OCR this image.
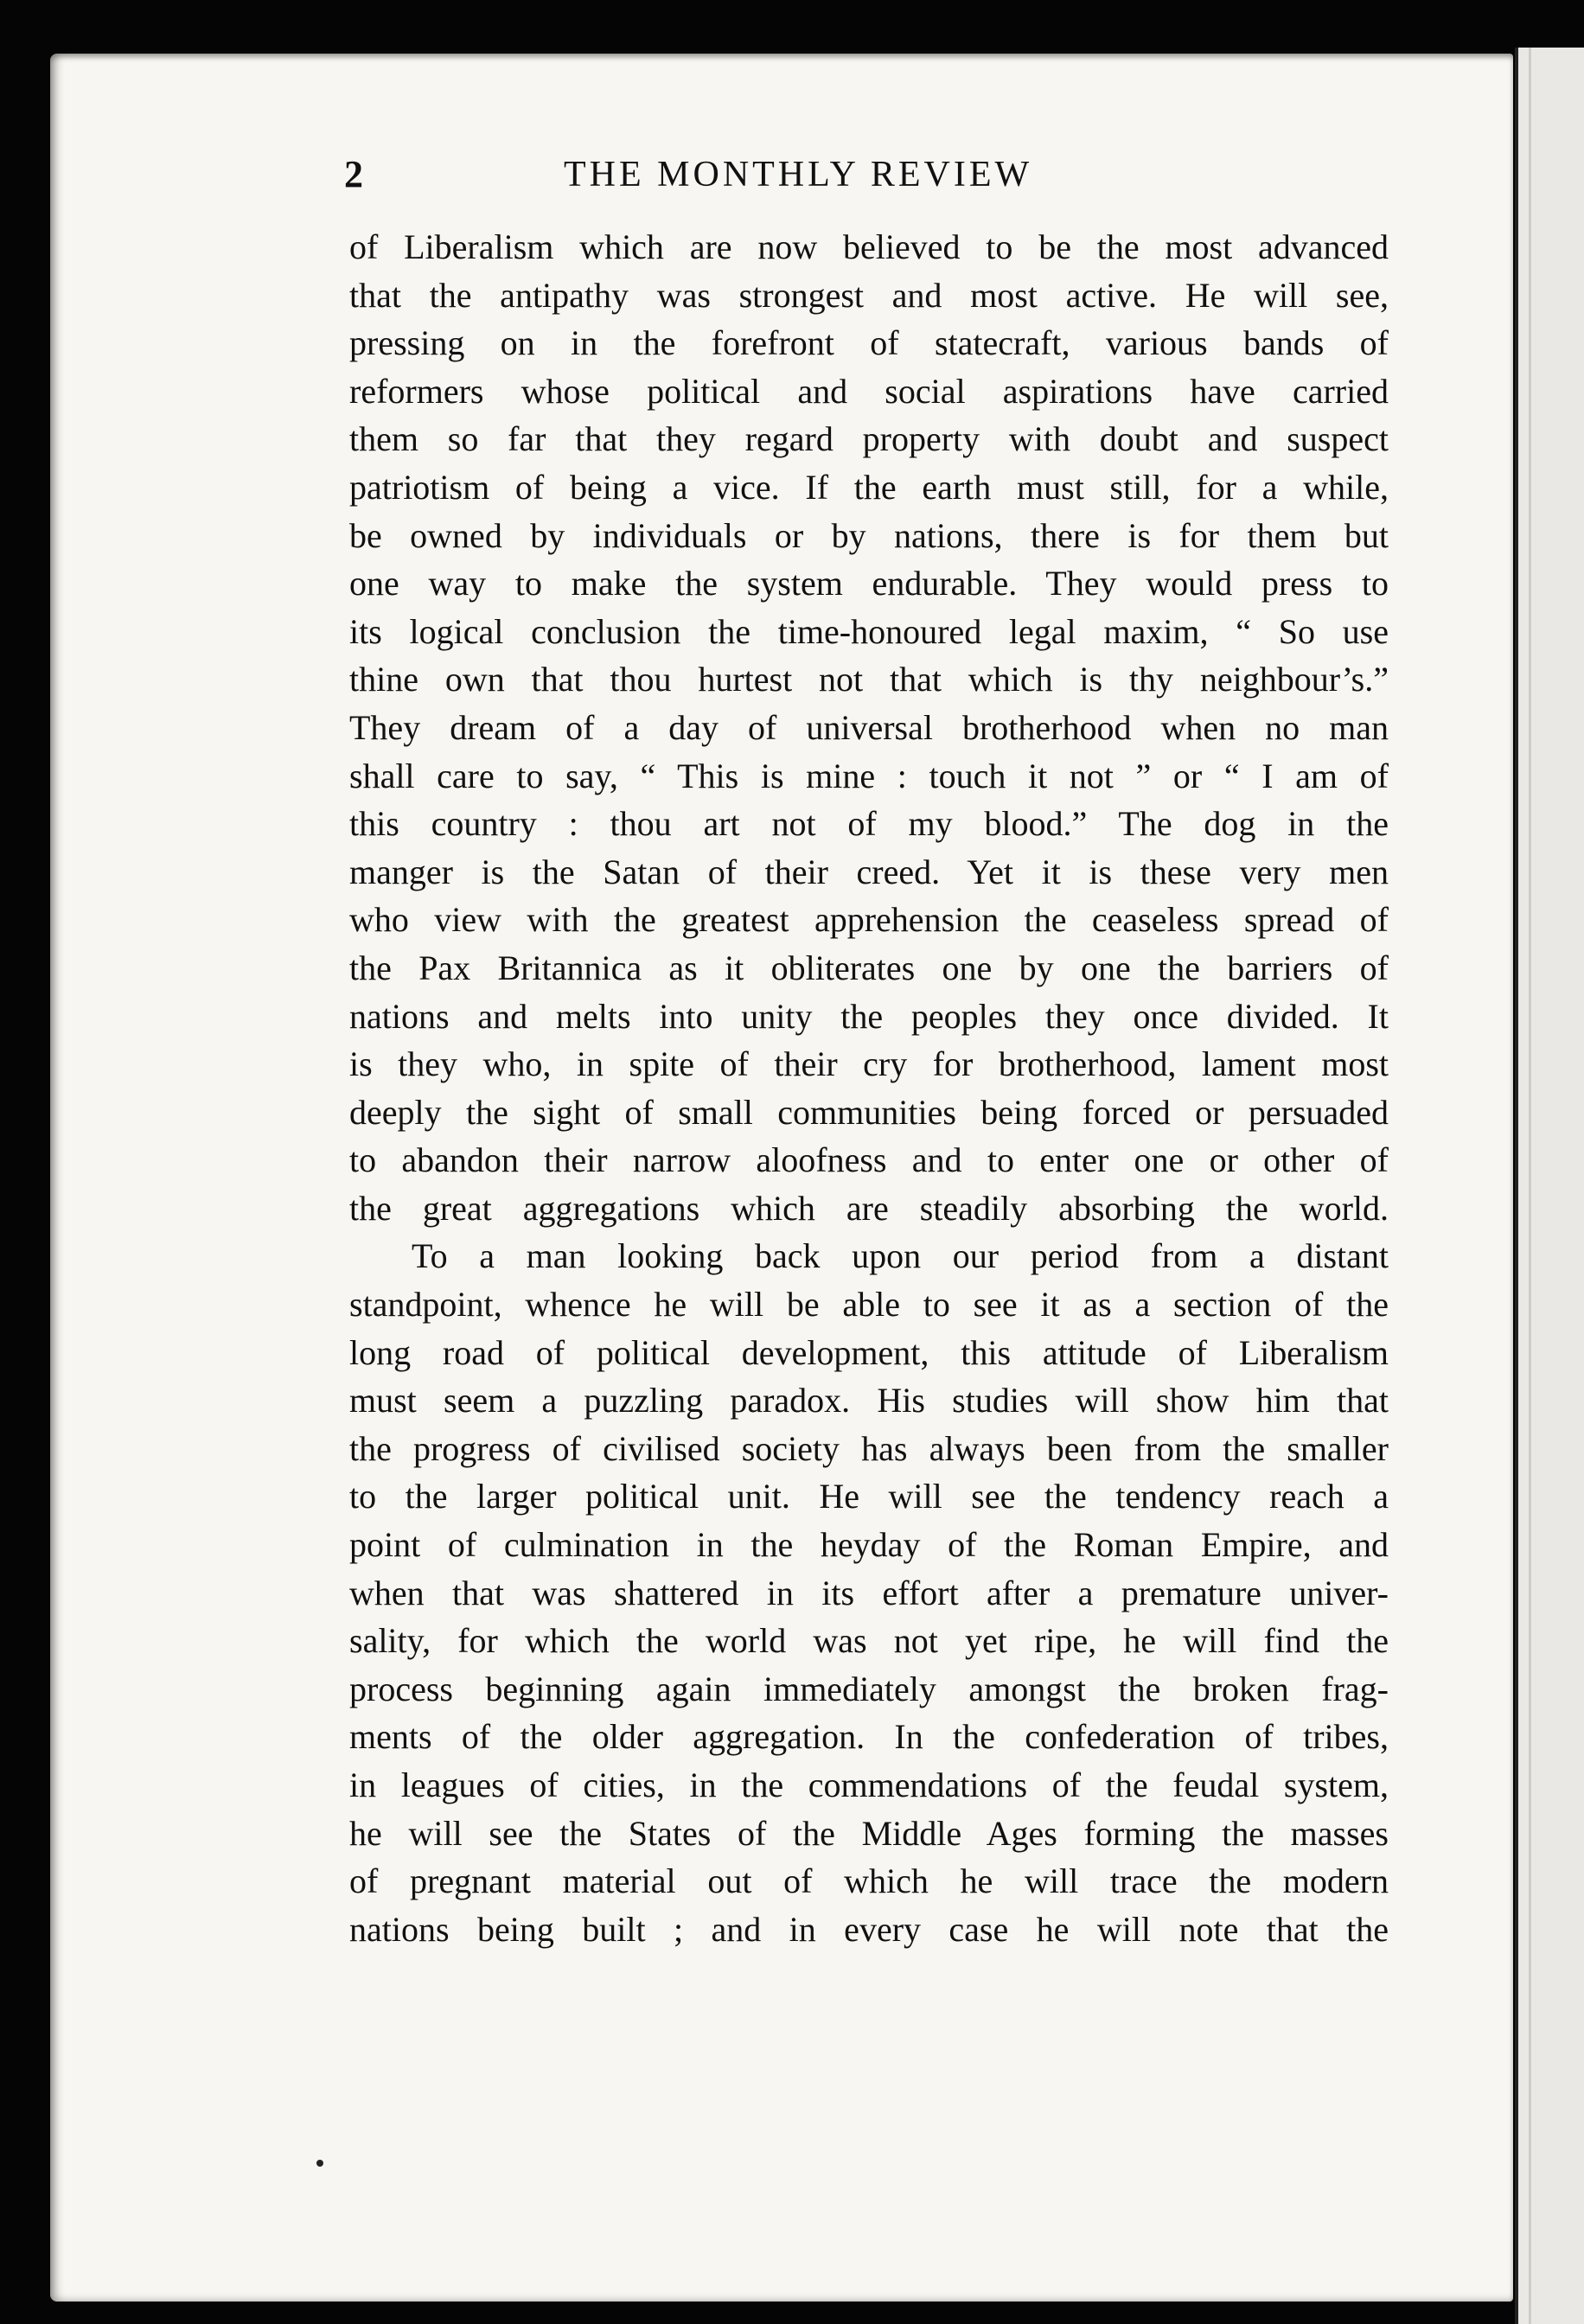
2	THE MONTHLY REVIEW
of Liberalism which are now believed to be the most advanced
that the antipathy was strongest and most active. He will see,
pressing on in the forefront of statecraft, various bands of
reformers whose political and social aspirations have carried
them so far that they regard property with doubt and suspect
patriotism of being a vice. If the earth must still, for a while,
be owned by individuals or by nations, there is for them but
one way to make the system endurable. They would press to
its logical conclusion the time-honoured legal maxim, “ So use
thine own that thou hurtest not that which is thy neighbour’s.”
They dream of a day of universal brotherhood when no man
shall care to say, “ This is mine : touch it not ” or “ I am of
this country : thou art not of my blood.” The dog in the
manger is the Satan of their creed. Yet it is these very men
who view with the greatest apprehension the ceaseless spread of
the Pax Britannica as it obliterates one by one the barriers of
nations and melts into unity the peoples they once divided. It
is they who, in spite of their cry for brotherhood, lament most
deeply the sight of small communities being forced or persuaded
to abandon their narrow aloofness and to enter one or other of
the great aggregations which are steadily absorbing the world.
To a man looking back upon our period from a distant
standpoint, whence he will be able to see it as a section of the
long road of political development, this attitude of Liberalism
must seem a puzzling paradox. His studies will show him that
the progress of civilised society has always been from the smaller
to the larger political unit. He will see the tendency reach a
point of culmination in the heyday of the Roman Empire, and
when that was shattered in its effort after a premature univer-
sality, for which the world was not yet ripe, he will find the
process beginning again immediately amongst the broken frag-
ments of the older aggregation. In the confederation of tribes,
in leagues of cities, in the commendations of the feudal system,
he will see the States of the Middle Ages forming the masses
of pregnant material out of which he will trace the modern
nations being built ; and in every case he will note that the
